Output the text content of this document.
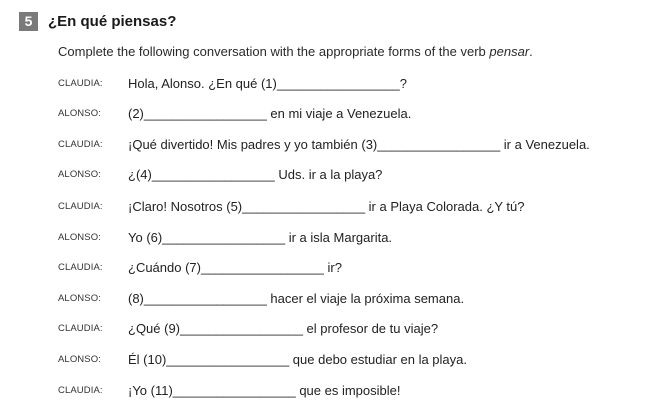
5	¿En qué piensas?
Complete the following conversation with the appropriate forms of the verb pensar.
CLAUDIA:	Hola, Alonso. ¿En qué (1)_________________?
ALONSO:	(2)_________________ en mi viaje a Venezuela.
CLAUDIA:	¡Qué divertido! Mis padres y yo también (3)_________________ ir a Venezuela.
ALONSO:	¿(4)_________________ Uds. ir a la playa?
CLAUDIA:	¡Claro! Nosotros (5)_________________ ir a Playa Colorada. ¿Y tú?
ALONSO:	Yo (6)_________________ ir a isla Margarita.
CLAUDIA:	¿Cuándo (7)_________________ ir?
ALONSO:	(8)_________________ hacer el viaje la próxima semana.
CLAUDIA:	¿Qué (9)_________________ el profesor de tu viaje?
ALONSO:	Él (10)_________________ que debo estudiar en la playa.
CLAUDIA:	¡Yo (11)_________________ que es imposible!
